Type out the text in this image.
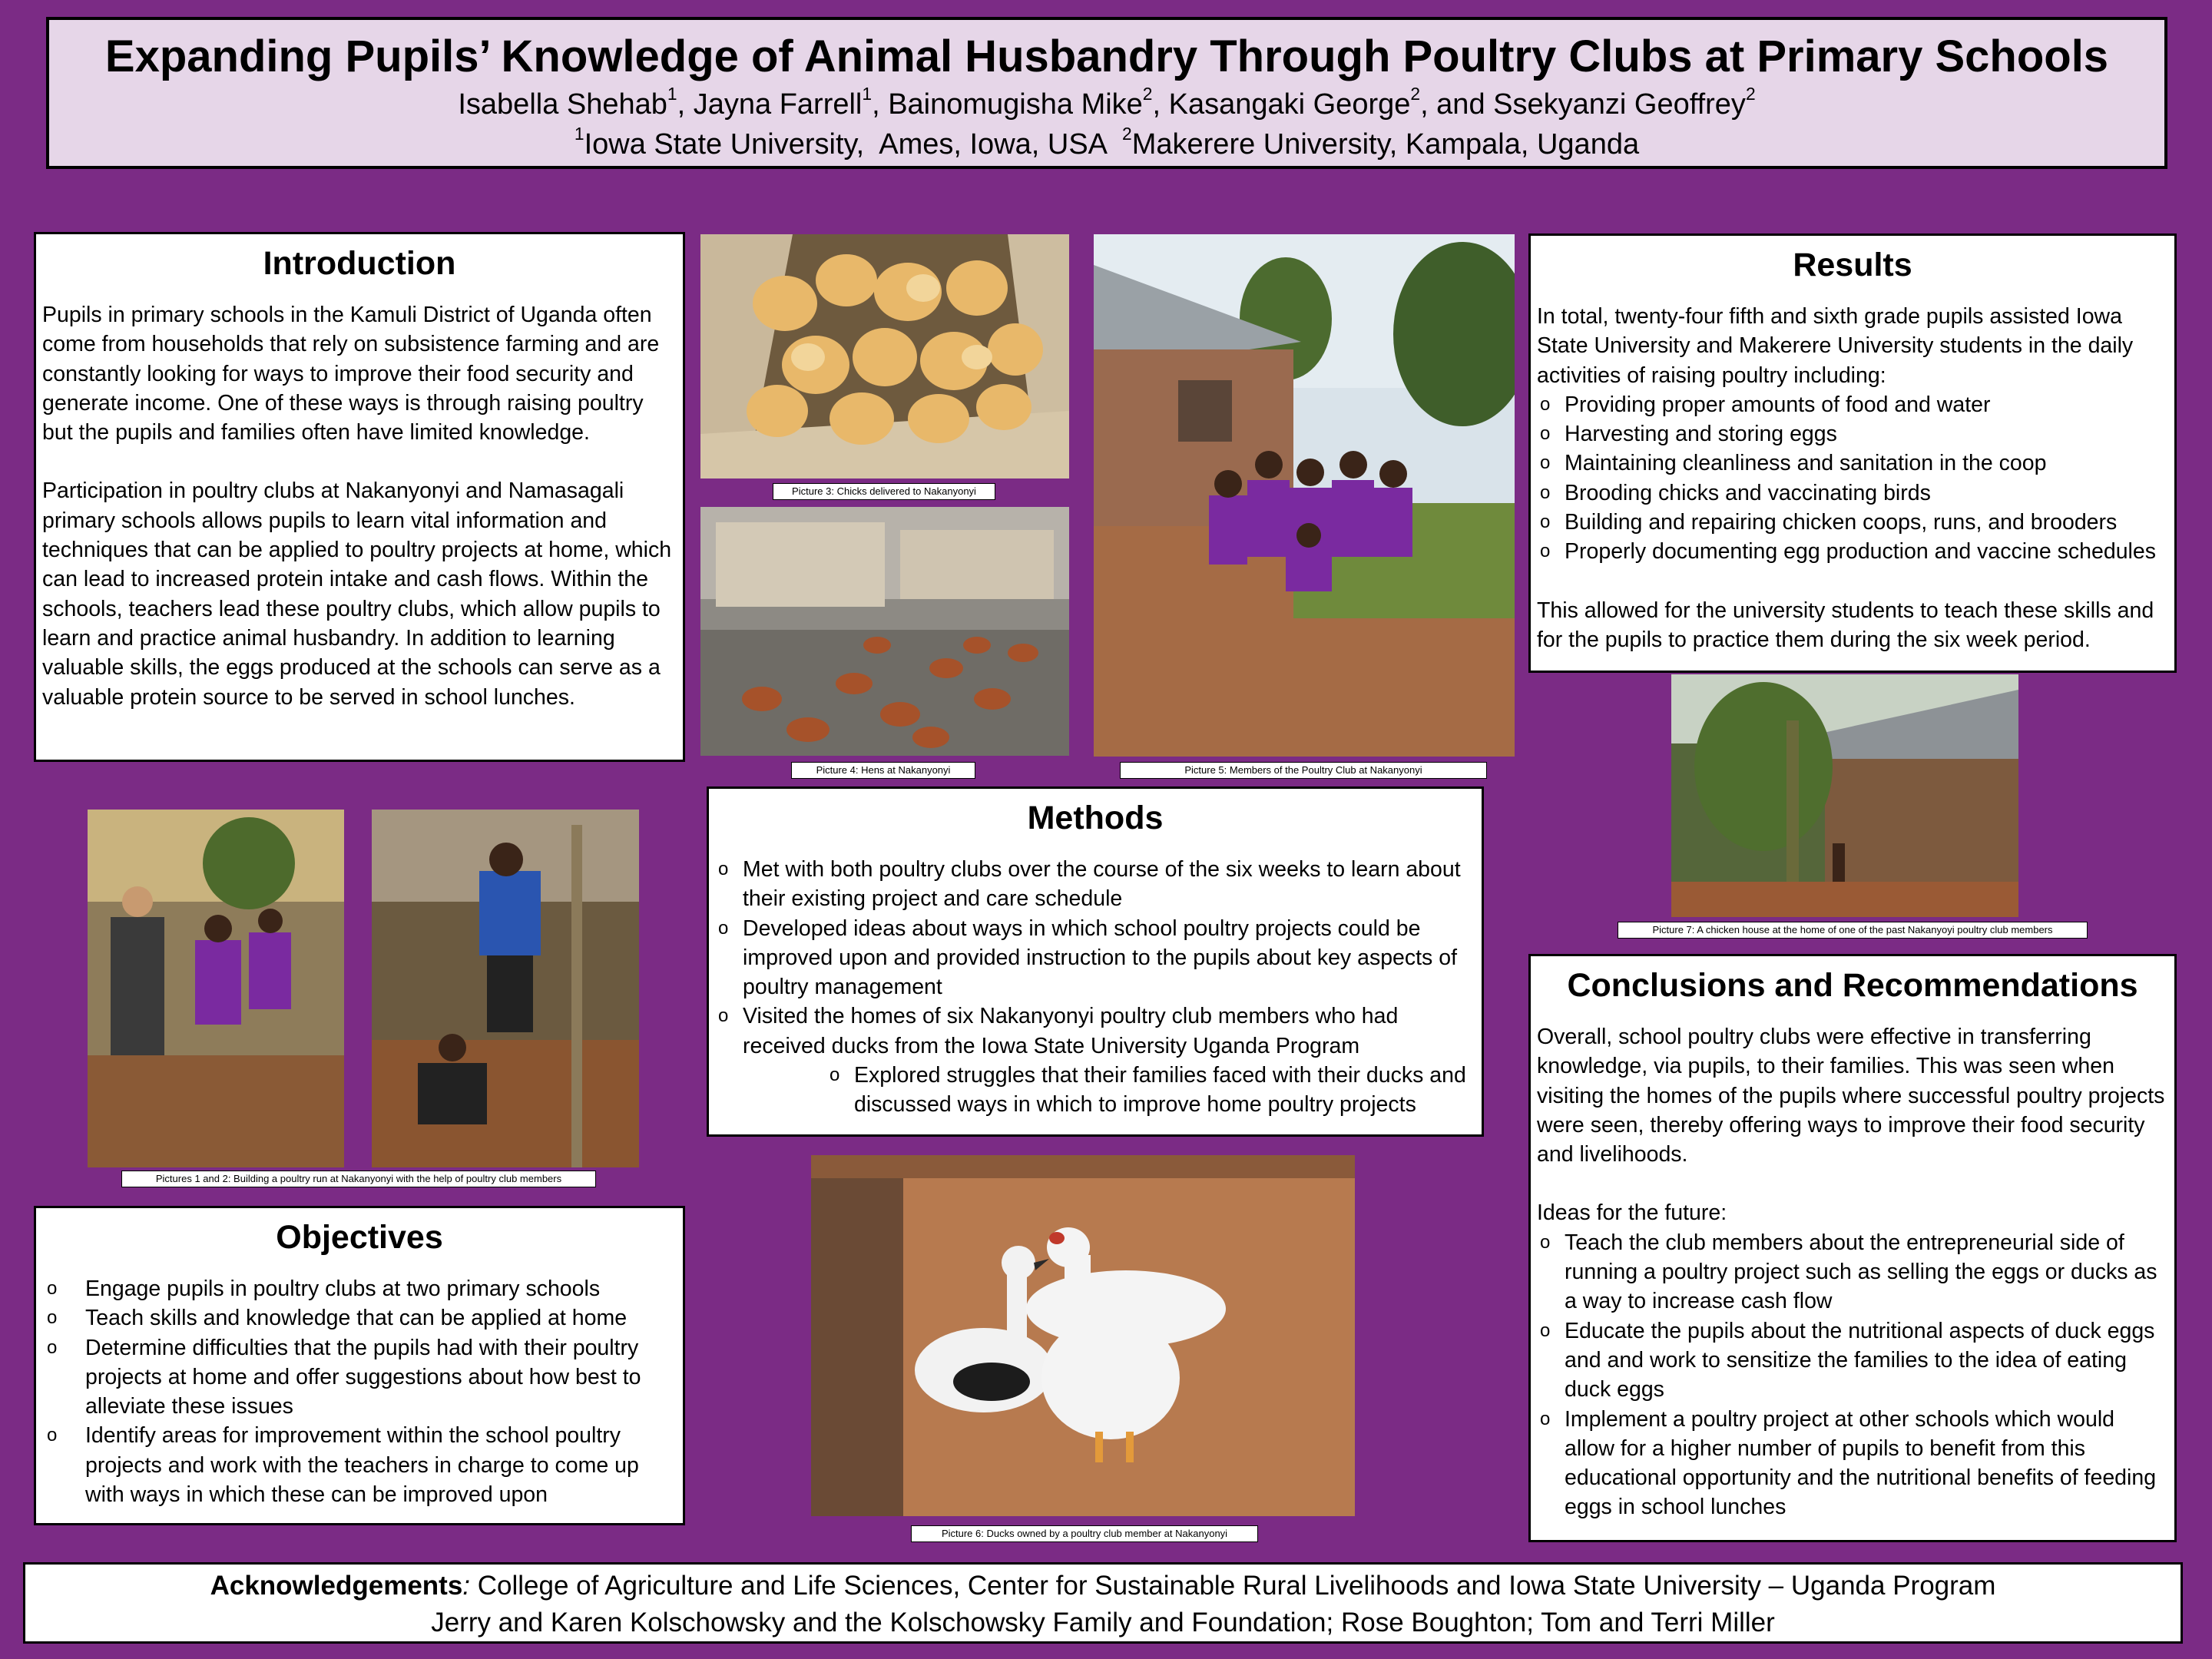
Expanding Pupils’ Knowledge of Animal Husbandry Through Poultry Clubs at Primary Schools
Isabella Shehab$^1$, Jayna Farrell$^1$, Bainomugisha Mike$^2$, Kasangaki George$^2$, and Ssekyanzi Geoffrey$^2$
$^1$Iowa State University,  Ames, Iowa, USA  $^2$Makerere University, Kampala, Uganda
Introduction

Pupils in primary schools in the Kamuli District of Uganda often come from households that rely on subsistence farming and are constantly looking for ways to improve their food security and generate income. One of these ways is through raising poultry but the pupils and families often have limited knowledge.

Participation in poultry clubs at Nakanyonyi and Namasagali primary schools allows pupils to learn vital information and techniques that can be applied to poultry projects at home, which can lead to increased protein intake and cash flows. Within the schools, teachers lead these poultry clubs, which allow pupils to learn and practice animal husbandry. In addition to learning valuable skills, the eggs produced at the schools can serve as a valuable protein source to be served in school lunches.

Picture 3: Chicks delivered to Nakanyonyi
Picture 4: Hens at Nakanyonyi	Picture 5: Members of the Poultry Club at Nakanyonyi
Results

In total, twenty-four fifth and sixth grade pupils assisted Iowa State University and Makerere University students in the daily activities of raising poultry including:

o Providing proper amounts of food and water
o Harvesting and storing eggs
o Maintaining cleanliness and sanitation in the coop
o Brooding chicks and vaccinating birds
o Building and repairing chicken coops, runs, and brooders
o Properly documenting egg production and vaccine schedules

This allowed for the university students to teach these skills and for the pupils to practice them during the six week period.

Picture 7: A chicken house at the home of one of the past Nakanyoyi poultry club members
Pictures 1 and 2: Building a poultry run at Nakanyonyi with the help of poultry club members
Methods
o Met with both poultry clubs over the course of the six weeks to learn about their existing project and care schedule
o Developed ideas about ways in which school poultry projects could be improved upon and provided instruction to the pupils about key aspects of poultry management
o Visited the homes of six Nakanyonyi poultry club members who had received ducks from the Iowa State University Uganda Program
o Explored struggles that their families faced with their ducks and discussed ways in which to improve home poultry projects
Picture 6: Ducks owned by a poultry club member at Nakanyonyi
Conclusions and Recommendations

Overall, school poultry clubs were effective in transferring knowledge, via pupils, to their families. This was seen when visiting the homes of the pupils where successful poultry projects were seen, thereby offering ways to improve their food security and livelihoods.

Ideas for the future:

o Teach the club members about the entrepreneurial side of running a poultry project such as selling the eggs or ducks as a way to increase cash flow
o Educate the pupils about the nutritional aspects of duck eggs and and work to sensitize the families to the idea of eating duck eggs
o Implement a poultry project at other schools which would allow for a higher number of pupils to benefit from this educational opportunity and the nutritional benefits of feeding eggs in school lunches
Objectives
o Engage pupils in poultry clubs at two primary schools
o Teach skills and knowledge that can be applied at home
o Determine difficulties that the pupils had with their poultry projects at home and offer suggestions about how best to alleviate these issues
o Identify areas for improvement within the school poultry projects and work with the teachers in charge to come up with ways in which these can be improved upon
Acknowledgements: College of Agriculture and Life Sciences, Center for Sustainable Rural Livelihoods and Iowa State University – Uganda Program
Jerry and Karen Kolschowsky and the Kolschowsky Family and Foundation; Rose Boughton; Tom and Terri Miller
